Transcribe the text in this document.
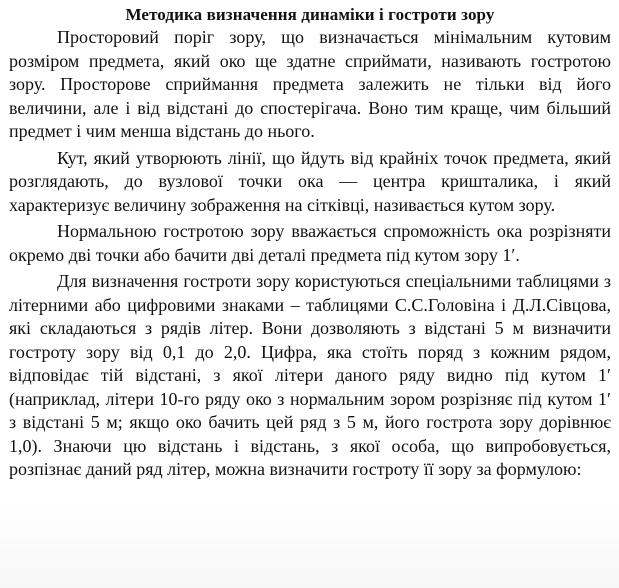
Методика визначення динаміки і гостроти зору

Просторовий поріг зору, що визначається мінімальним кутовим розміром предмета, який око ще здатне сприймати, називають гостротою зору. Просторове сприймання предмета залежить не тільки від його величини, але і від відстані до спостерігача. Воно тим краще, чим більший предмет і чим менша відстань до нього.

Кут, який утворюють лінії, що йдуть від крайніх точок предмета, який розглядають, до вузлової точки ока — центра кришталика, і який характеризує величину зображення на сітківці, називається кутом зору.

Нормальною гостротою зору вважається спроможність ока розрізняти окремо дві точки або бачити дві деталі предмета під кутом зору 1′.

Для визначення гостроти зору користуються спеціальними таблицями з літерними або цифровими знаками – таблицями С.С.Головіна і Д.Л.Сівцова, які складаються з рядів літер. Вони дозволяють з відстані 5 м визначити гостроту зору від 0,1 до 2,0. Цифра, яка стоїть поряд з кожним рядом, відповідає тій відстані, з якої літери даного ряду видно під кутом 1′ (наприклад, літери 10-го ряду око з нормальним зором розрізняє під кутом 1′ з відстані 5 м; якщо око бачить цей ряд з 5 м, його гострота зору дорівнює 1,0). Знаючи цю відстань і відстань, з якої особа, що випробовується, розпізнає даний ряд літер, можна визначити гостроту її зору за формулою:
